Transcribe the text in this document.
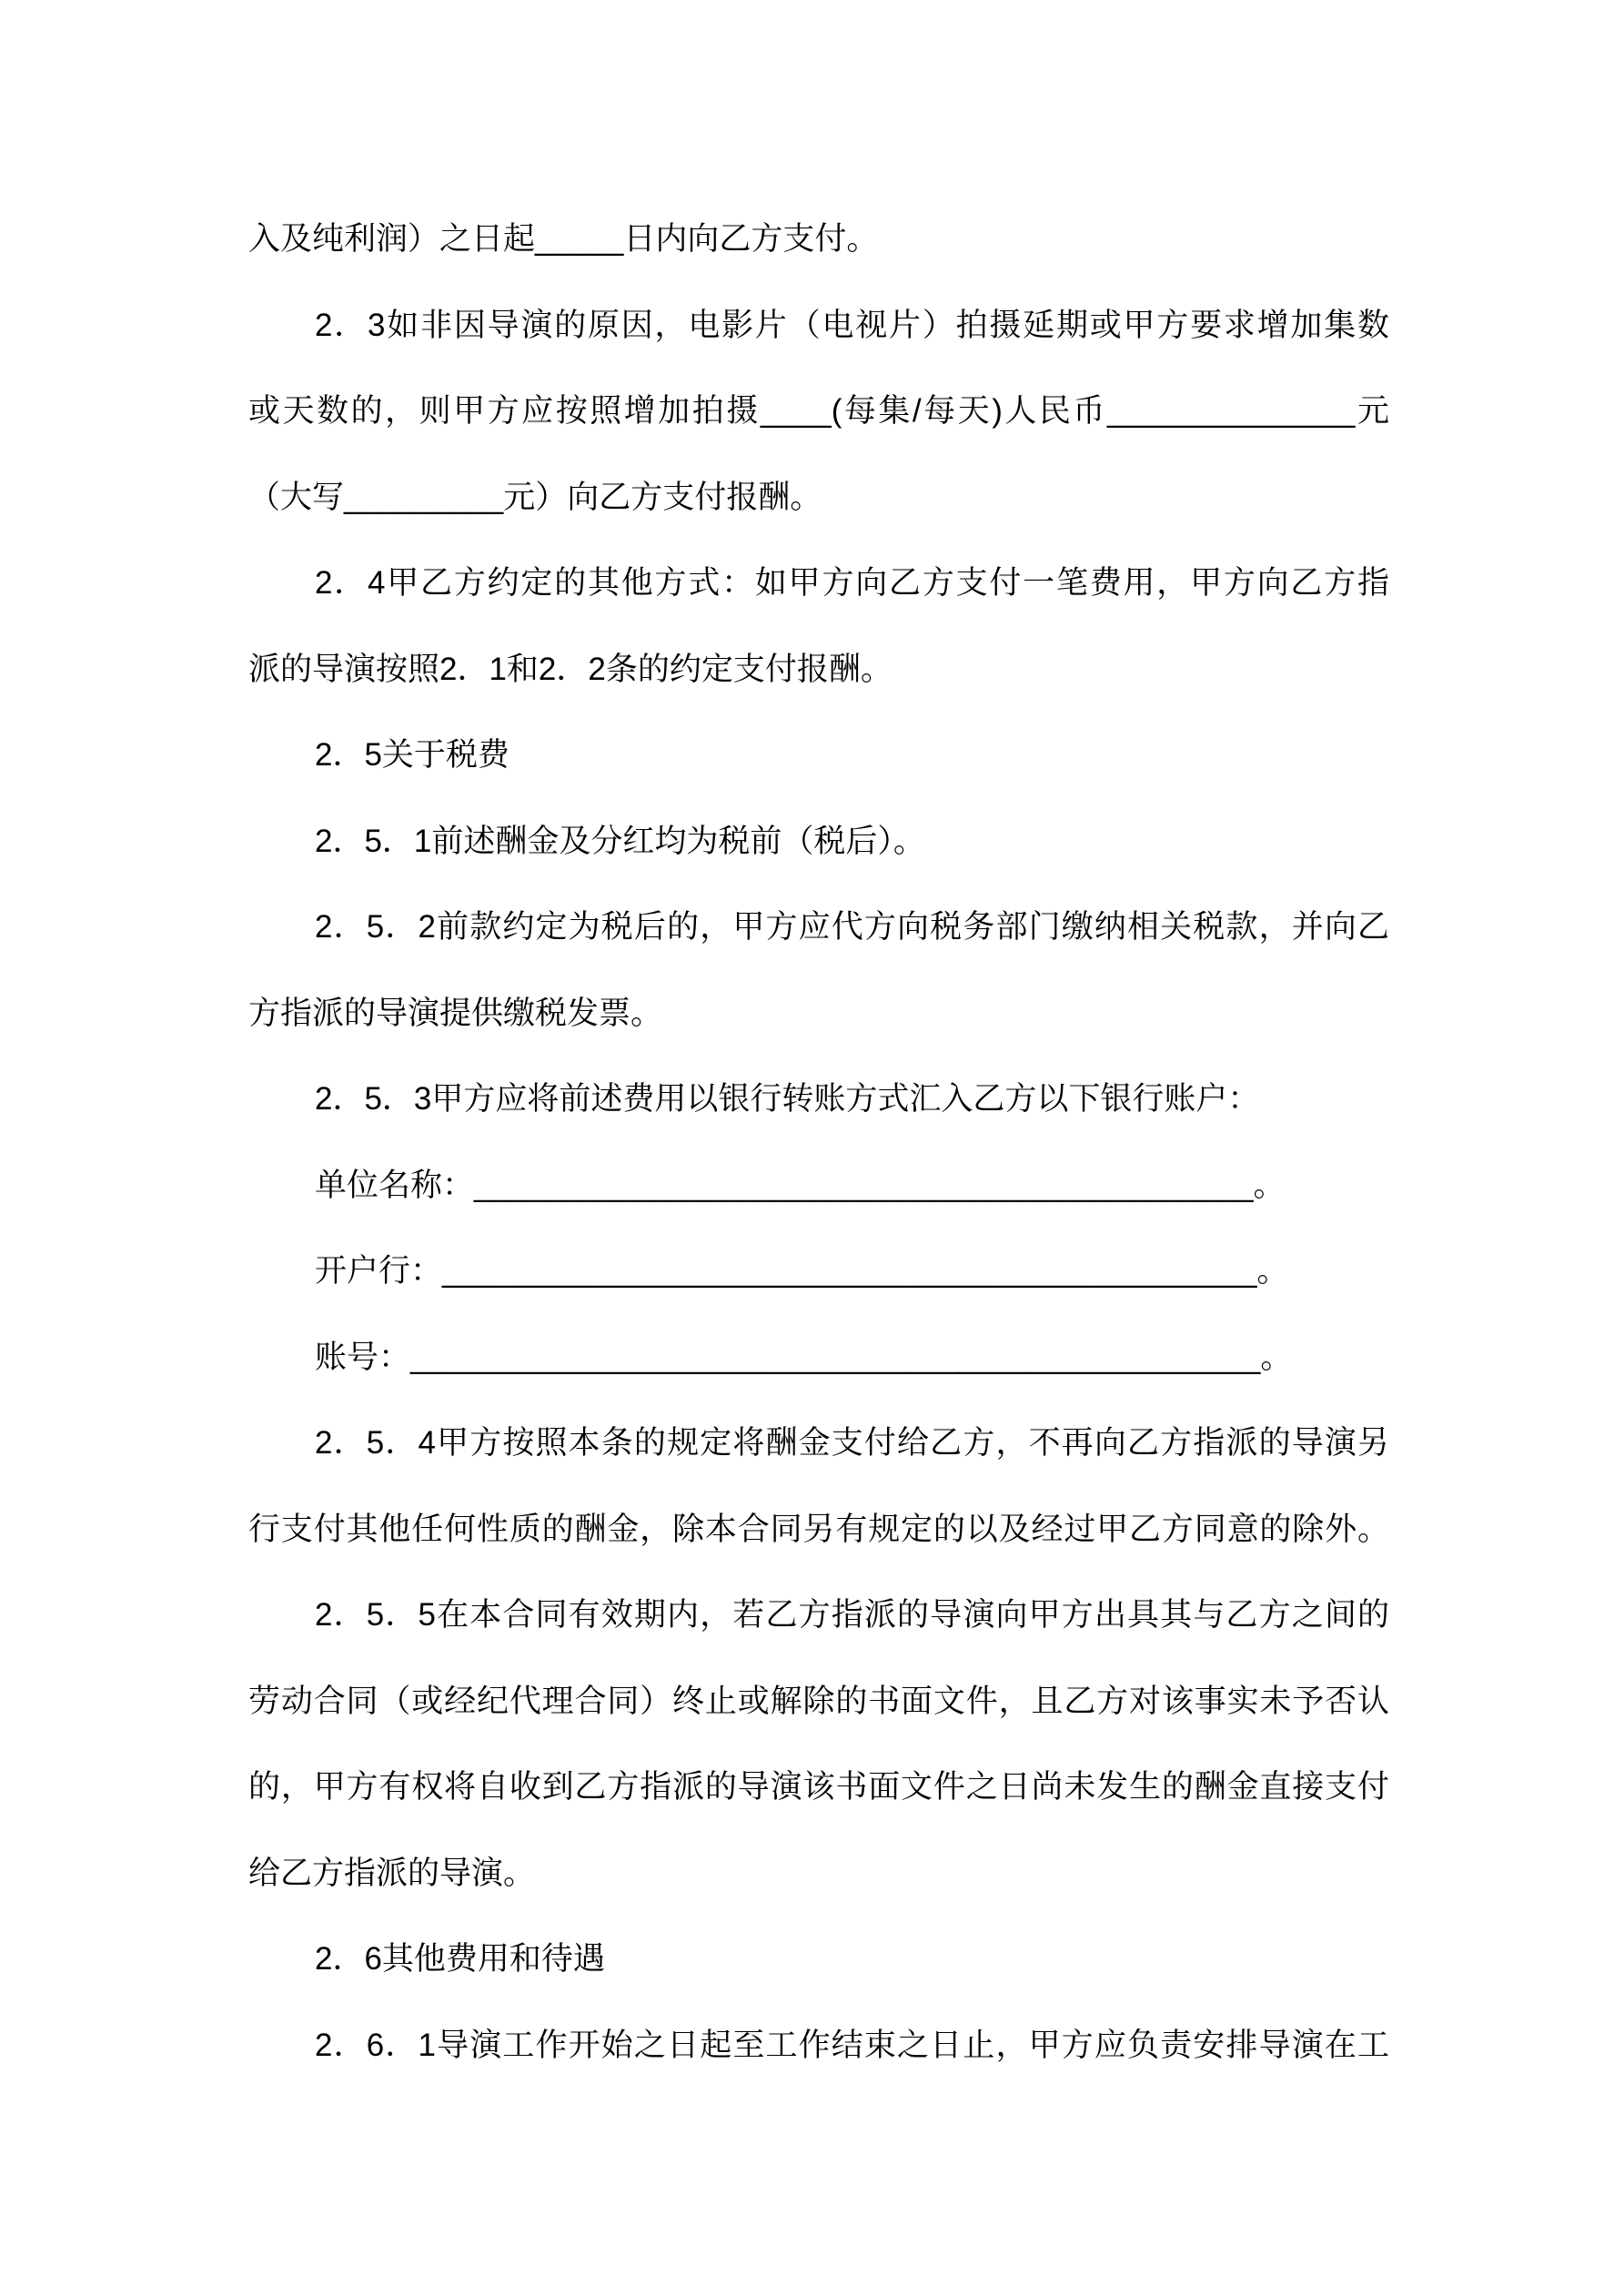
入及纯利润）之日起_____日内向乙方支付。
2．3如非因导演的原因，电影片（电视片）拍摄延期或甲方要求增加集数
或天数的，则甲方应按照增加拍摄____(每集/每天)人民币______________元
（大写_________元）向乙方支付报酬。
2．4甲乙方约定的其他方式：如甲方向乙方支付一笔费用，甲方向乙方指
派的导演按照2．1和2．2条的约定支付报酬。
2．5关于税费
2．5．1前述酬金及分红均为税前（税后）。
2．5．2前款约定为税后的，甲方应代方向税务部门缴纳相关税款，并向乙
方指派的导演提供缴税发票。
2．5．3甲方应将前述费用以银行转账方式汇入乙方以下银行账户：
单位名称：____________________________________________。
开户行：______________________________________________。
账号：________________________________________________。
2．5．4甲方按照本条的规定将酬金支付给乙方，不再向乙方指派的导演另
行支付其他任何性质的酬金，除本合同另有规定的以及经过甲乙方同意的除外。
2．5．5在本合同有效期内，若乙方指派的导演向甲方出具其与乙方之间的
劳动合同（或经纪代理合同）终止或解除的书面文件，且乙方对该事实未予否认
的，甲方有权将自收到乙方指派的导演该书面文件之日尚未发生的酬金直接支付
给乙方指派的导演。
2．6其他费用和待遇
2．6．1导演工作开始之日起至工作结束之日止，甲方应负责安排导演在工
